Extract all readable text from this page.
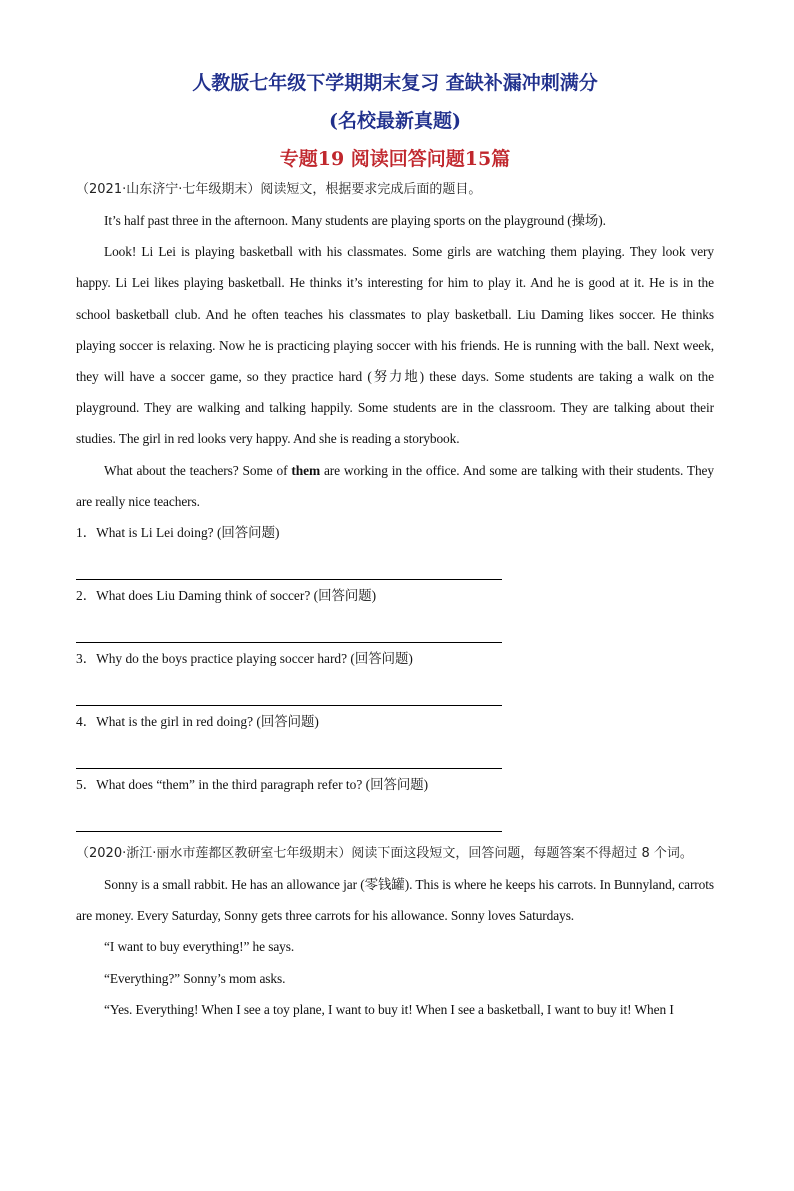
人教版七年级下学期期末复习 查缺补漏冲刺满分
(名校最新真题)
专题19 阅读回答问题15篇
（2021·山东济宁·七年级期末）阅读短文，根据要求完成后面的题目。

It’s half past three in the afternoon. Many students are playing sports on the playground (操场).

Look! Li Lei is playing basketball with his classmates. Some girls are watching them playing. They look very happy. Li Lei likes playing basketball. He thinks it’s interesting for him to play it. And he is good at it. He is in the school basketball club. And he often teaches his classmates to play basketball. Liu Daming likes soccer. He thinks playing soccer is relaxing. Now he is practicing playing soccer with his friends. He is running with the ball. Next week, they will have a soccer game, so they practice hard (努力地) these days. Some students are taking a walk on the playground. They are walking and talking happily. Some students are in the classroom. They are talking about their studies. The girl in red looks very happy. And she is reading a storybook.

What about the teachers? Some of them are working in the office. And some are talking with their students. They are really nice teachers.

1．What is Li Lei doing? (回答问题)

2．What does Liu Daming think of soccer? (回答问题)

3．Why do the boys practice playing soccer hard? (回答问题)

4．What is the girl in red doing? (回答问题)

5．What does “them” in the third paragraph refer to? (回答问题)

（2020·浙江·丽水市莲都区教研室七年级期末）阅读下面这段短文，回答问题，每题答案不得超过 8 个词。

Sonny is a small rabbit. He has an allowance jar (零钱罐). This is where he keeps his carrots. In Bunnyland, carrots are money. Every Saturday, Sonny gets three carrots for his allowance. Sonny loves Saturdays.

“I want to buy everything!” he says.

“Everything?” Sonny’s mom asks.

“Yes. Everything! When I see a toy plane, I want to buy it! When I see a basketball, I want to buy it! When I
